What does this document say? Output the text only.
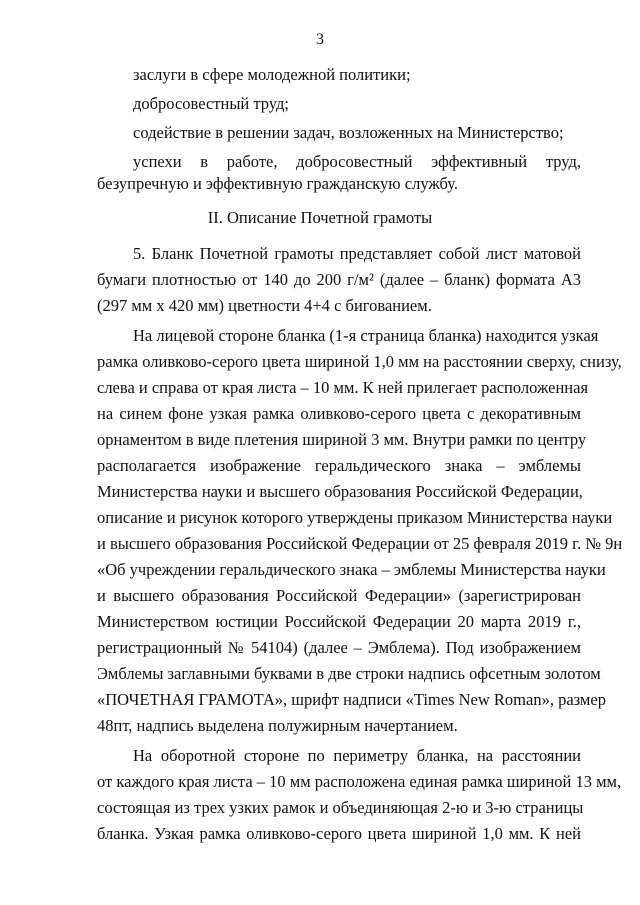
3
заслуги в сфере молодежной политики;
добросовестный труд;
содействие в решении задач, возложенных на Министерство;
успехи в работе, добросовестный эффективный труд,
безупречную и эффективную гражданскую службу.
II. Описание Почетной грамоты
5. Бланк Почетной грамоты представляет собой лист матовой
бумаги плотностью от 140 до 200 г/м² (далее – бланк) формата А3
(297 мм x 420 мм) цветности 4+4 с бигованием.
На лицевой стороне бланка (1-я страница бланка) находится узкая
рамка оливково-серого цвета шириной 1,0 мм на расстоянии сверху, снизу,
слева и справа от края листа – 10 мм. К ней прилегает расположенная
на синем фоне узкая рамка оливково-серого цвета с декоративным
орнаментом в виде плетения шириной 3 мм. Внутри рамки по центру
располагается изображение геральдического знака – эмблемы
Министерства науки и высшего образования Российской Федерации,
описание и рисунок которого утверждены приказом Министерства науки
и высшего образования Российской Федерации от 25 февраля 2019 г. № 9н
«Об учреждении геральдического знака – эмблемы Министерства науки
и высшего образования Российской Федерации» (зарегистрирован
Министерством юстиции Российской Федерации 20 марта 2019 г.,
регистрационный № 54104) (далее – Эмблема). Под изображением
Эмблемы заглавными буквами в две строки надпись офсетным золотом
«ПОЧЕТНАЯ ГРАМОТА», шрифт надписи «Times New Roman», размер
48пт, надпись выделена полужирным начертанием.
На оборотной стороне по периметру бланка, на расстоянии
от каждого края листа – 10 мм расположена единая рамка шириной 13 мм,
состоящая из трех узких рамок и объединяющая 2-ю и 3-ю страницы
бланка. Узкая рамка оливково-серого цвета шириной 1,0 мм. К ней
